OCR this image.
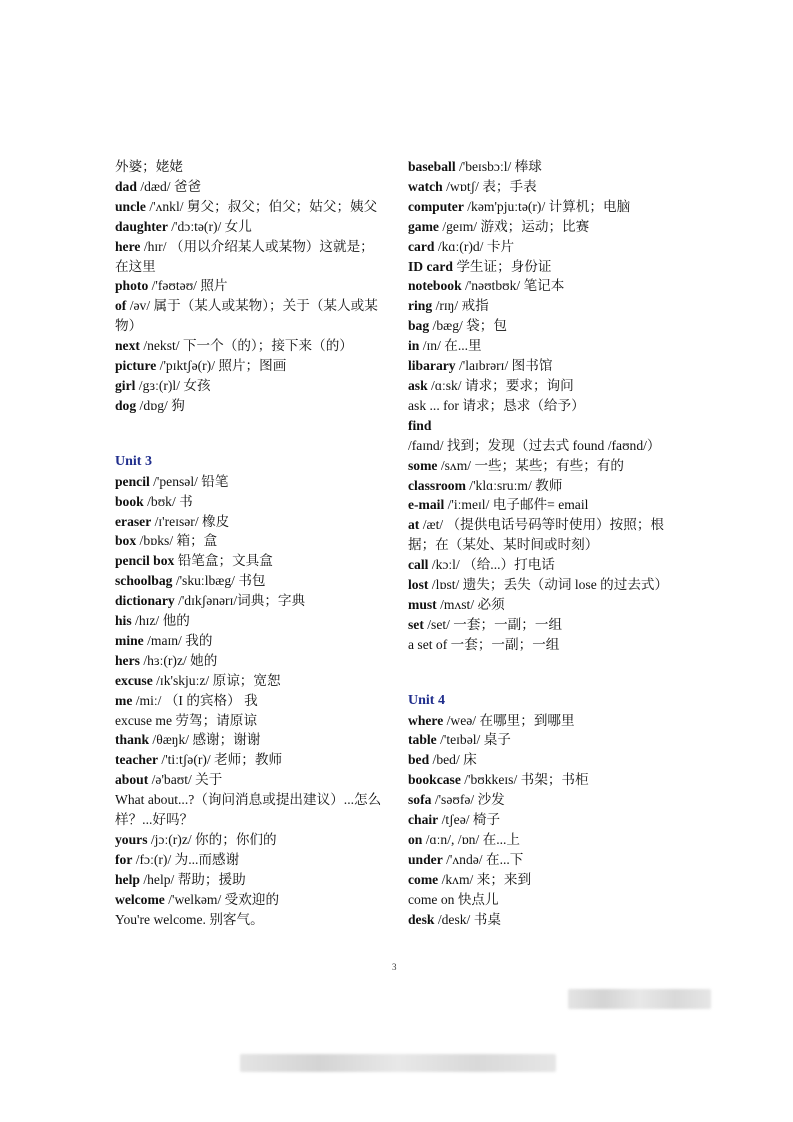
外婆；姥姥

dad /dæd/ 爸爸

uncle /'ʌnkl/ 舅父；叔父；伯父；姑父；姨父

daughter /'dɔːtə(r)/ 女儿

here /hɪr/ （用以介绍某人或某物）这就是；在这里

photo /'fəʊtəʊ/ 照片

of /əv/ 属于（某人或某物）；关于（某人或某物）

next /nekst/ 下一个（的）；接下来（的）

picture /'pɪktʃə(r)/ 照片；图画

girl /gɜː(r)l/ 女孩

dog /dɒg/ 狗

Unit 3

pencil /'pensəl/ 铅笔

book /bʊk/ 书

eraser /ɪ'reɪsər/ 橡皮

box /bɒks/ 箱；盒

pencil box 铅笔盒；文具盒

schoolbag /'skuːlbæg/ 书包

dictionary /'dɪkʃənərɪ/词典；字典

his /hɪz/ 他的

mine /maɪn/ 我的

hers /hɜː(r)z/ 她的

excuse /ɪk'skjuːz/ 原谅；宽恕

me /miː/ （I 的宾格） 我

excuse me 劳驾；请原谅

thank /θæŋk/ 感谢；谢谢

teacher /'tiːtʃə(r)/ 老师；教师

about /ə'baʊt/ 关于

What about...?（询问消息或提出建议）...怎么样？...好吗？

yours /jɔː(r)z/ 你的；你们的

for /fɔː(r)/ 为...而感谢

help /help/ 帮助；援助

welcome /'welkəm/ 受欢迎的

You're welcome. 别客气。

baseball /'beɪsbɔːl/ 棒球

watch /wɒtʃ/ 表；手表

computer /kəm'pjuːtə(r)/ 计算机；电脑

game /geɪm/ 游戏；运动；比赛

card /kɑː(r)d/ 卡片

ID card 学生证；身份证

notebook /'nəʊtbʊk/ 笔记本

ring /rɪŋ/ 戒指

bag /bæg/ 袋；包

in /ɪn/ 在...里

libarary /'laɪbrərɪ/ 图书馆

ask /ɑːsk/ 请求；要求；询问

ask ... for 请求；恳求（给予）

find /faɪnd/ 找到；发现（过去式 found /faʊnd/）

some /sʌm/ 一些；某些；有些；有的

classroom /'klɑːsruːm/ 教师

e-mail /'iːmeɪl/ 电子邮件= email

at /æt/ （提供电话号码等时使用）按照；根据；在（某处、某时间或时刻）

call /kɔːl/ （给...）打电话

lost /lɒst/ 遗失；丢失（动词 lose 的过去式）

must /mʌst/ 必须

set /set/ 一套；一副；一组

a set of 一套；一副；一组

Unit 4

where /weə/ 在哪里；到哪里

table /'teɪbəl/ 桌子

bed /bed/ 床

bookcase /'bʊkkeɪs/ 书架；书柜

sofa /'səʊfə/ 沙发

chair /tʃeə/ 椅子

on /ɑːn/, /ɒn/ 在...上

under /'ʌndə/ 在...下

come /kʌm/ 来；来到

come on 快点儿

desk /desk/ 书桌

3
